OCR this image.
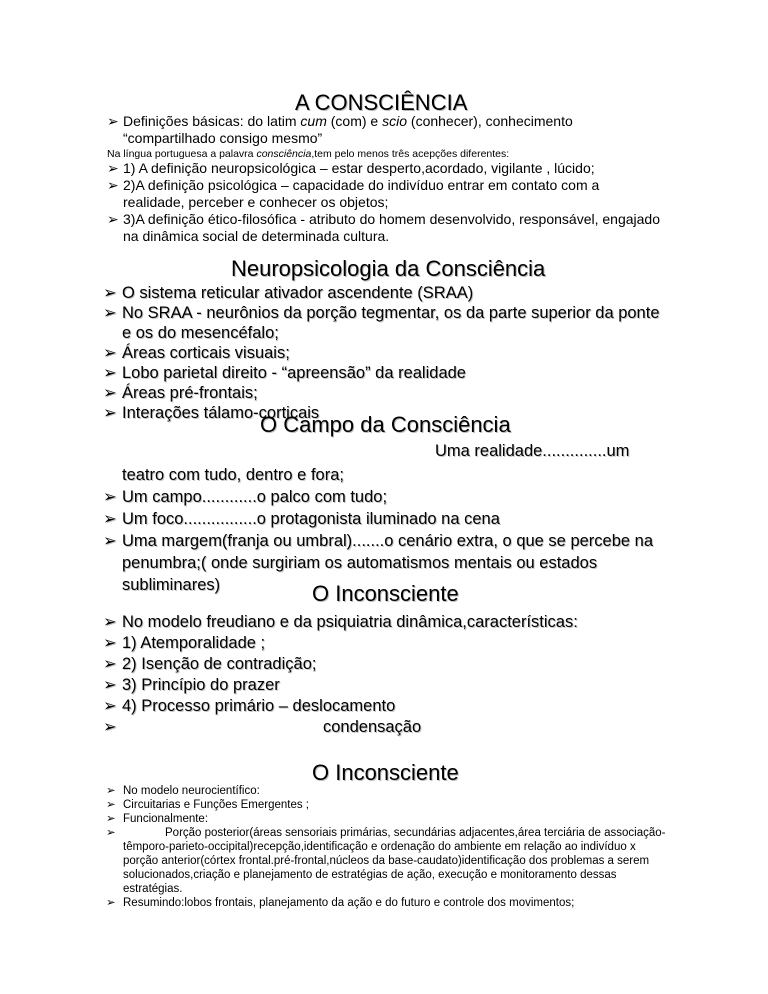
A CONSCIÊNCIA
➢ Definições básicas: do latim cum (com) e scio (conhecer), conhecimento
“compartilhado consigo mesmo”
Na língua portuguesa a palavra consciência,tem pelo menos três acepções diferentes:
➢ 1) A definição neuropsicológica – estar desperto,acordado, vigilante , lúcido;
➢ 2)A definição psicológica – capacidade do indivíduo entrar em contato com a
realidade, perceber e conhecer os objetos;
➢ 3)A definição ético-filosófica - atributo do homem desenvolvido, responsável, engajado
na dinâmica social de determinada cultura.
Neuropsicologia da Consciência
➢ O sistema reticular ativador ascendente (SRAA)
➢ No SRAA - neurônios da porção tegmentar, os da parte superior da ponte
e os do mesencéfalo;
➢ Áreas corticais visuais;
➢ Lobo parietal direito - “apreensão” da realidade
➢ Áreas pré-frontais;
➢ Interações tálamo-corticais
O Campo da Consciência
Uma realidade..............um
teatro com tudo, dentro e fora;
➢ Um campo............o palco com tudo;
➢ Um foco................o protagonista iluminado na cena
➢ Uma margem(franja ou umbral).......o cenário extra, o que se percebe na
penumbra;( onde surgiriam os automatismos mentais ou estados
subliminares)	O Inconsciente
➢ No modelo freudiano e da psiquiatria dinâmica,características:
➢ 1) Atemporalidade ;
➢ 2) Isenção de contradição;
➢ 3) Princípio do prazer
➢ 4) Processo primário – deslocamento
➢	condensação
O Inconsciente
➢ No modelo neurocientífico:
➢ Circuitarias e Funções Emergentes ;
➢ Funcionalmente:
➢	Porção posterior(áreas sensoriais primárias, secundárias adjacentes,área terciária de associação-
têmporo-parieto-occipital)recepção,identificação e ordenação do ambiente em relação ao indivíduo x
porção anterior(córtex frontal.pré-frontal,núcleos da base-caudato)identificação dos problemas a serem
solucionados,criação e planejamento de estratégias de ação, execução e monitoramento dessas
estratégias.
➢ Resumindo:lobos frontais, planejamento da ação e do futuro e controle dos movimentos;
